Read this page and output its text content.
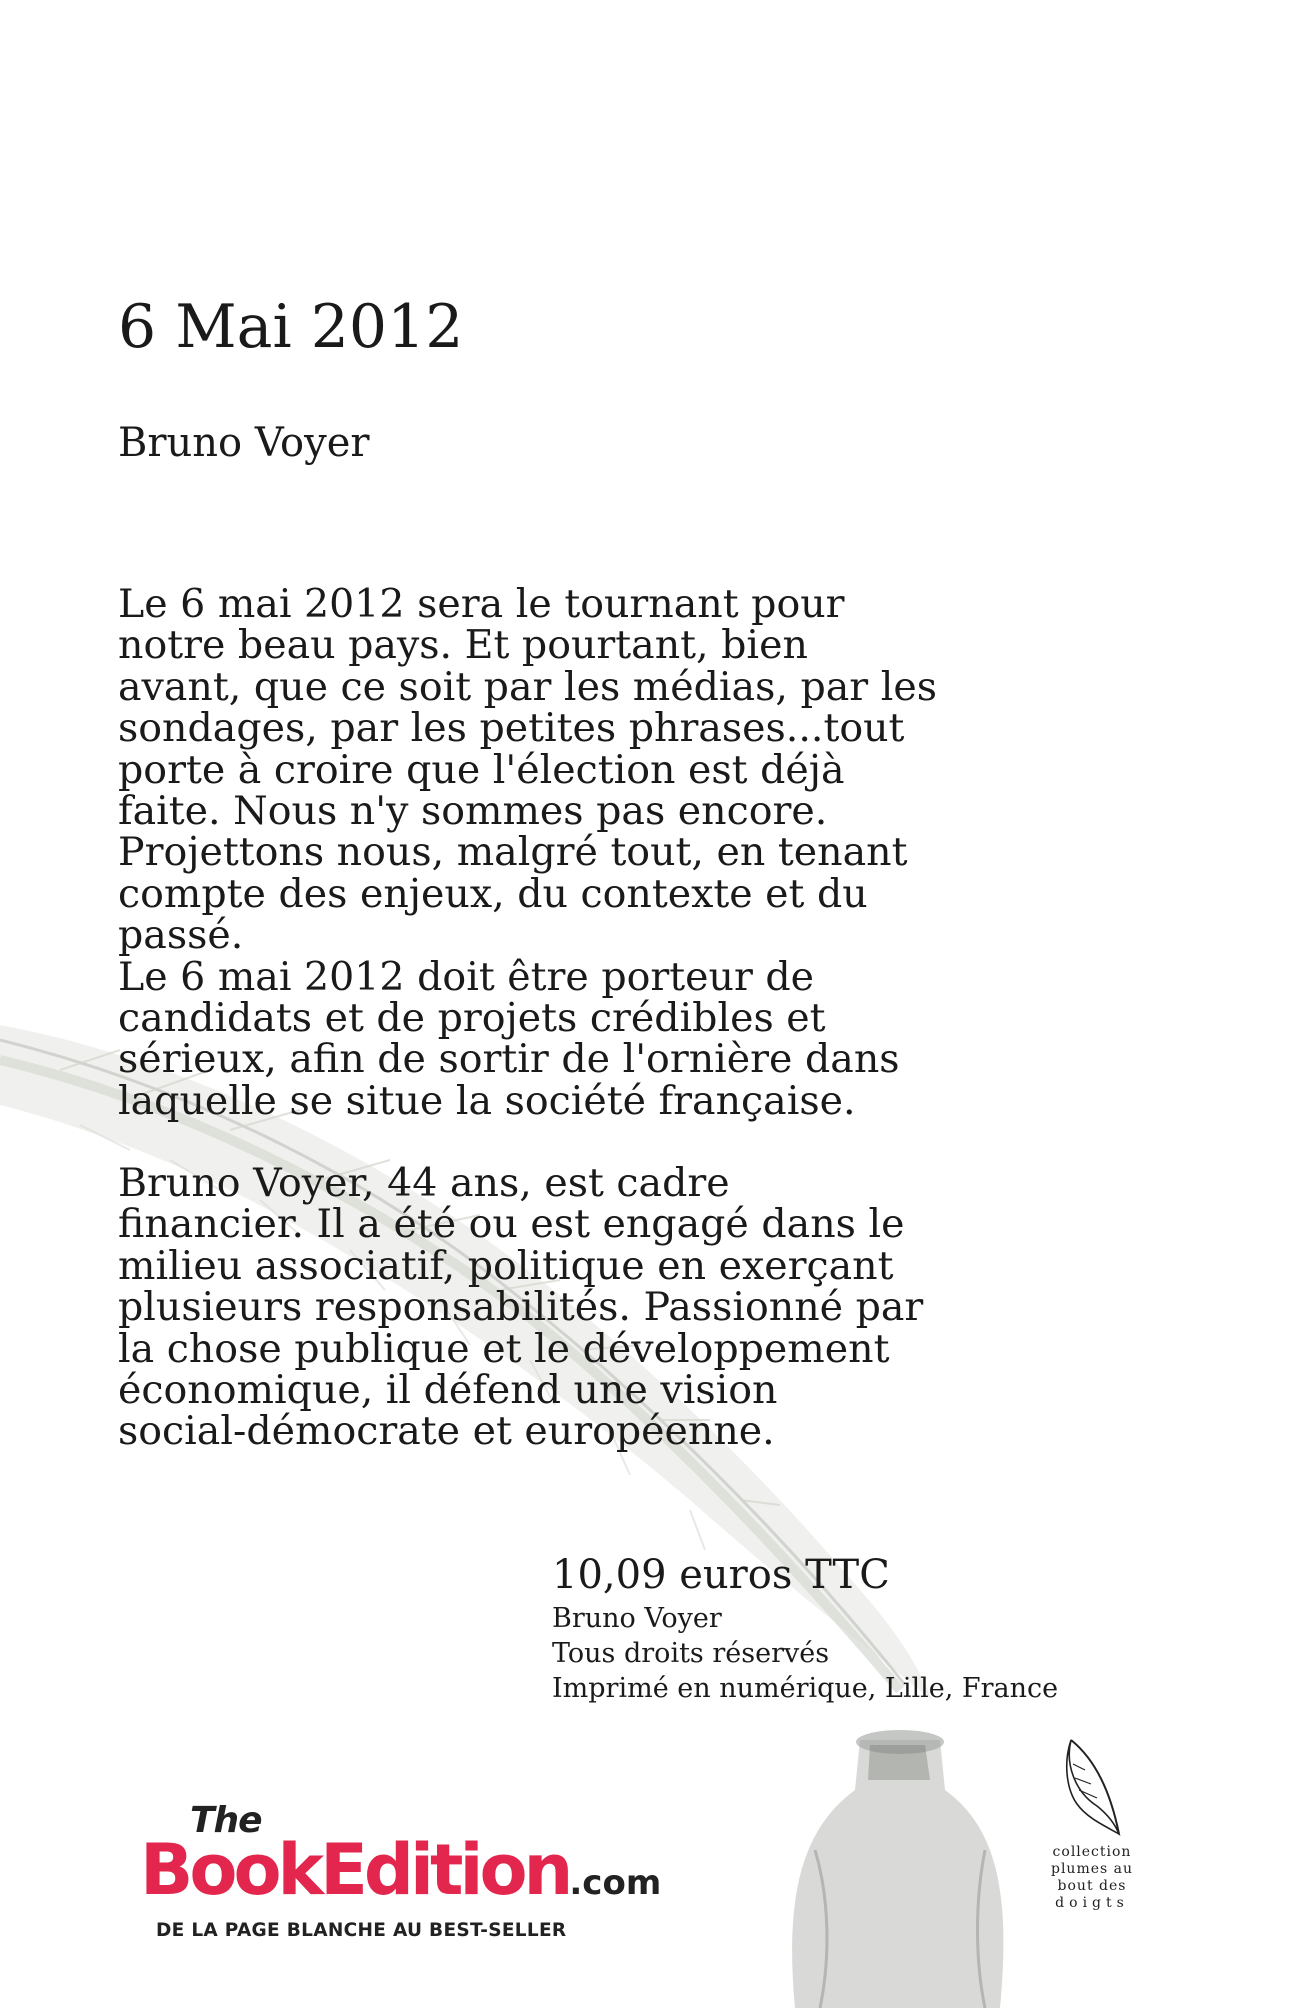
6 Mai 2012
Bruno Voyer

Le 6 mai 2012 sera le tournant pour

notre beau pays. Et pourtant, bien

avant, que ce soit par les médias, par les

sondages, par les petites phrases...tout

porte à croire que l'élection est déjà

faite. Nous n'y sommes pas encore.

Projettons nous, malgré tout, en tenant

compte des enjeux, du contexte et du

passé.

Le 6 mai 2012 doit être porteur de

candidats et de projets crédibles et

sérieux, afin de sortir de l'ornière dans

laquelle se situe la société française.

Bruno Voyer, 44 ans, est cadre
financier. Il a été ou est engagé dans le
milieu associatif, politique en exerçant
plusieurs responsabilités. Passionné par
la chose publique et le développement
économique, il défend une vision
social-démocrate et européenne.
10,09 euros TTC
Bruno Voyer
Tous droits réservés
Imprimé en numérique, Lille, France
The
BookEdition.com
DE LA PAGE BLANCHE AU BEST-SELLER
collection
plumes au
bout des
doigts
